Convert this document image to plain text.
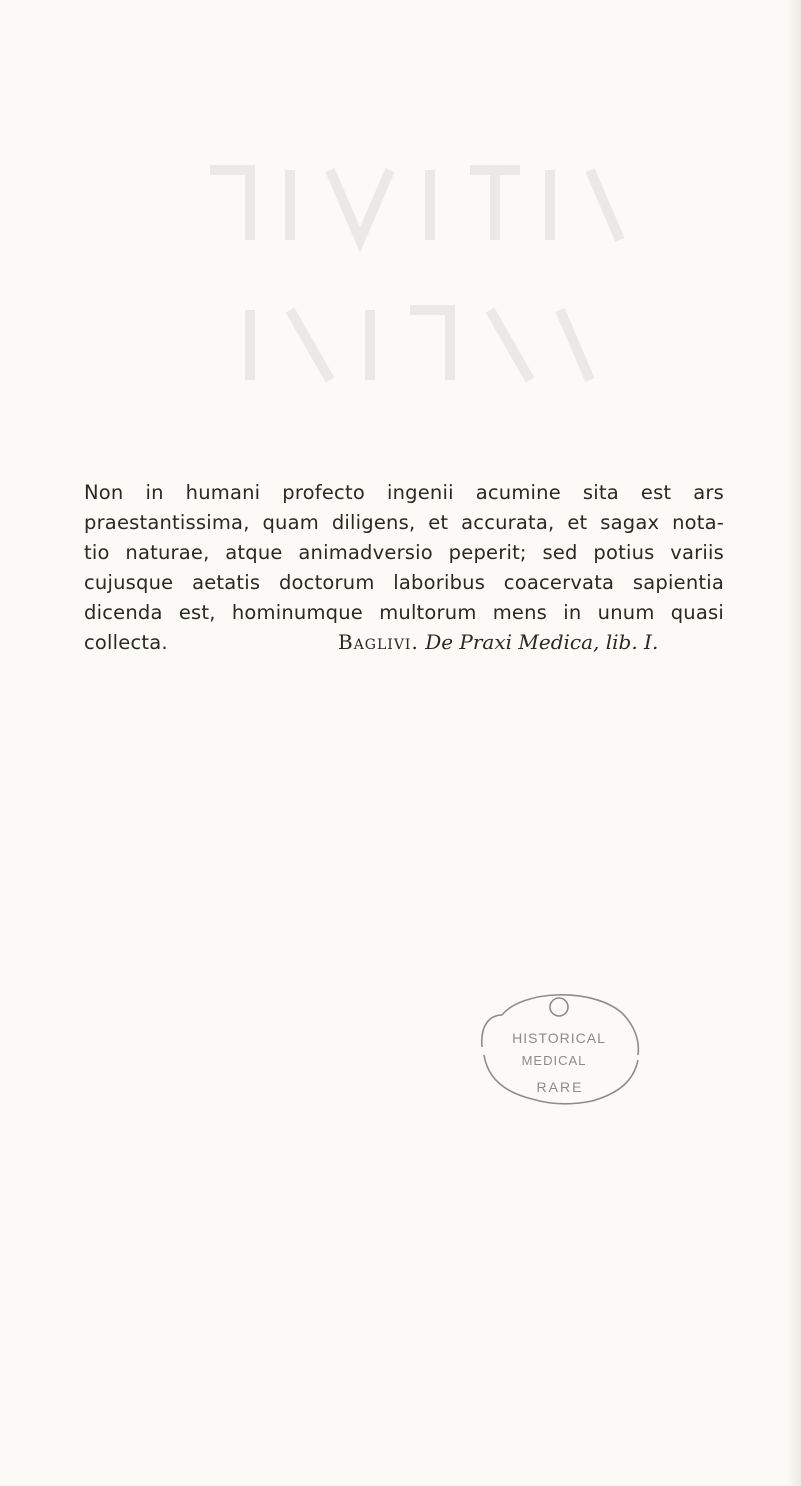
Non in humani profecto ingenii acumine sita est ars
praestantissima, quam diligens, et accurata, et sagax nota-
tio naturae, atque animadversio peperit; sed potius variis
cujusque aetatis doctorum laboribus coacervata sapientia
dicenda est, hominumque multorum mens in unum quasi
collecta.	Baglivi. De Praxi Medica, lib. I.
HISTORICAL
MEDICAL
RARE
